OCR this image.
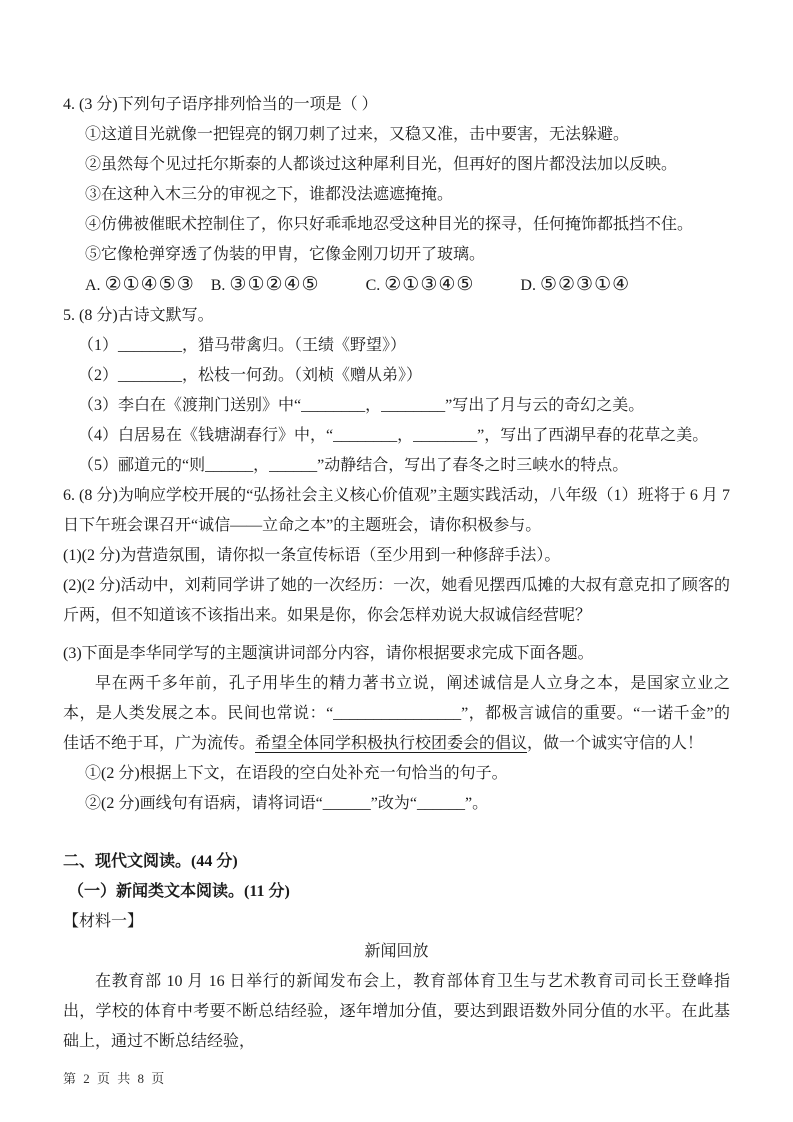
4. (3 分)下列句子语序排列恰当的一项是（ ）

①这道目光就像一把锃亮的钢刀刺了过来，又稳又准，击中要害，无法躲避。

②虽然每个见过托尔斯泰的人都谈过这种犀利目光，但再好的图片都没法加以反映。

③在这种入木三分的审视之下，谁都没法遮遮掩掩。

④仿佛被催眠术控制住了，你只好乖乖地忍受这种目光的探寻，任何掩饰都抵挡不住。

⑤它像枪弹穿透了伪装的甲胄，它像金刚刀切开了玻璃。

A. ②①④⑤③ B. ③①②④⑤	C. ②①③④⑤	D. ⑤②③①④

5. (8 分)古诗文默写。

（1）________，猎马带禽归。（王绩《野望》）

（2）________，松枝一何劲。（刘桢《赠从弟》）

（3）李白在《渡荆门送别》中“________，________”写出了月与云的奇幻之美。

（4）白居易在《钱塘湖春行》中，“________，________”，写出了西湖早春的花草之美。

（5）郦道元的“则______，______”动静结合，写出了春冬之时三峡水的特点。

6. (8 分)为响应学校开展的“弘扬社会主义核心价值观”主题实践活动，八年级（1）班将于 6 月 7 日下午班会课召开“诚信——立命之本”的主题班会，请你积极参与。

(1)(2 分)为营造氛围，请你拟一条宣传标语（至少用到一种修辞手法）。

(2)(2 分)活动中，刘莉同学讲了她的一次经历：一次，她看见摆西瓜摊的大叔有意克扣了顾客的斤两，但不知道该不该指出来。如果是你，你会怎样劝说大叔诚信经营呢？

(3)下面是李华同学写的主题演讲词部分内容，请你根据要求完成下面各题。

早在两千多年前，孔子用毕生的精力著书立说，阐述诚信是人立身之本，是国家立业之本，是人类发展之本。民间也常说：“________________”，都极言诚信的重要。“一诺千金”的佳话不绝于耳，广为流传。希望全体同学积极执行校团委会的倡议，做一个诚实守信的人！

①(2 分)根据上下文，在语段的空白处补充一句恰当的句子。

②(2 分)画线句有语病，请将词语“______”改为“______”。

二、现代文阅读。(44 分)

（一）新闻类文本阅读。(11 分)

【材料一】

新闻回放

在教育部 10 月 16 日举行的新闻发布会上，教育部体育卫生与艺术教育司司长王登峰指出，学校的体育中考要不断总结经验，逐年增加分值，要达到跟语数外同分值的水平。在此基础上，通过不断总结经验，

第 2 页 共 8 页
